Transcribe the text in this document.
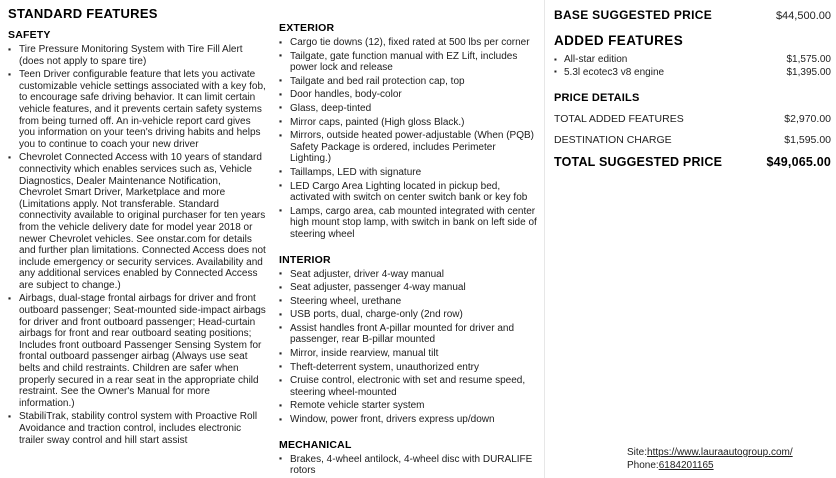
STANDARD FEATURES
SAFETY
▪ Tire Pressure Monitoring System with Tire Fill Alert (does not apply to spare tire)
▪ Teen Driver configurable feature that lets you activate customizable vehicle settings associated with a key fob, to encourage safe driving behavior. It can limit certain vehicle features, and it prevents certain safety systems from being turned off. An in-vehicle report card gives you information on your teen's driving habits and helps you to continue to coach your new driver
▪ Chevrolet Connected Access with 10 years of standard connectivity which enables services such as, Vehicle Diagnostics, Dealer Maintenance Notification, Chevrolet Smart Driver, Marketplace and more (Limitations apply. Not transferable. Standard connectivity available to original purchaser for ten years from the vehicle delivery date for model year 2018 or newer Chevrolet vehicles. See onstar.com for details and further plan limitations. Connected Access does not include emergency or security services. Availability and any additional services enabled by Connected Access are subject to change.)
▪ Airbags, dual-stage frontal airbags for driver and front outboard passenger; Seat-mounted side-impact airbags for driver and front outboard passenger; Head-curtain airbags for front and rear outboard seating positions; Includes front outboard Passenger Sensing System for frontal outboard passenger airbag (Always use seat belts and child restraints. Children are safer when properly secured in a rear seat in the appropriate child restraint. See the Owner's Manual for more information.)
▪ StabiliTrak, stability control system with Proactive Roll Avoidance and traction control, includes electronic trailer sway control and hill start assist
EXTERIOR
▪ Cargo tie downs (12), fixed rated at 500 lbs per corner
▪ Tailgate, gate function manual with EZ Lift, includes power lock and release
▪ Tailgate and bed rail protection cap, top
▪ Door handles, body-color
▪ Glass, deep-tinted
▪ Mirror caps, painted (High gloss Black.)
▪ Mirrors, outside heated power-adjustable (When (PQB) Safety Package is ordered, includes Perimeter Lighting.)
▪ Taillamps, LED with signature
▪ LED Cargo Area Lighting located in pickup bed, activated with switch on center switch bank or key fob
▪ Lamps, cargo area, cab mounted integrated with center high mount stop lamp, with switch in bank on left side of steering wheel
INTERIOR
▪ Seat adjuster, driver 4-way manual
▪ Seat adjuster, passenger 4-way manual
▪ Steering wheel, urethane
▪ USB ports, dual, charge-only (2nd row)
▪ Assist handles front A-pillar mounted for driver and passenger, rear B-pillar mounted
▪ Mirror, inside rearview, manual tilt
▪ Theft-deterrent system, unauthorized entry
▪ Cruise control, electronic with set and resume speed, steering wheel-mounted
▪ Remote vehicle starter system
▪ Window, power front, drivers express up/down
MECHANICAL
▪ Brakes, 4-wheel antilock, 4-wheel disc with DURALIFE rotors
BASE SUGGESTED PRICE	$44,500.00
ADDED FEATURES
▪ All-star edition	$1,575.00
▪ 5.3l ecotec3 v8 engine	$1,395.00
PRICE DETAILS
TOTAL ADDED FEATURES	$2,970.00
DESTINATION CHARGE	$1,595.00
TOTAL SUGGESTED PRICE	$49,065.00
Site:https://www.lauraautogroup.com/
Phone:6184201165
